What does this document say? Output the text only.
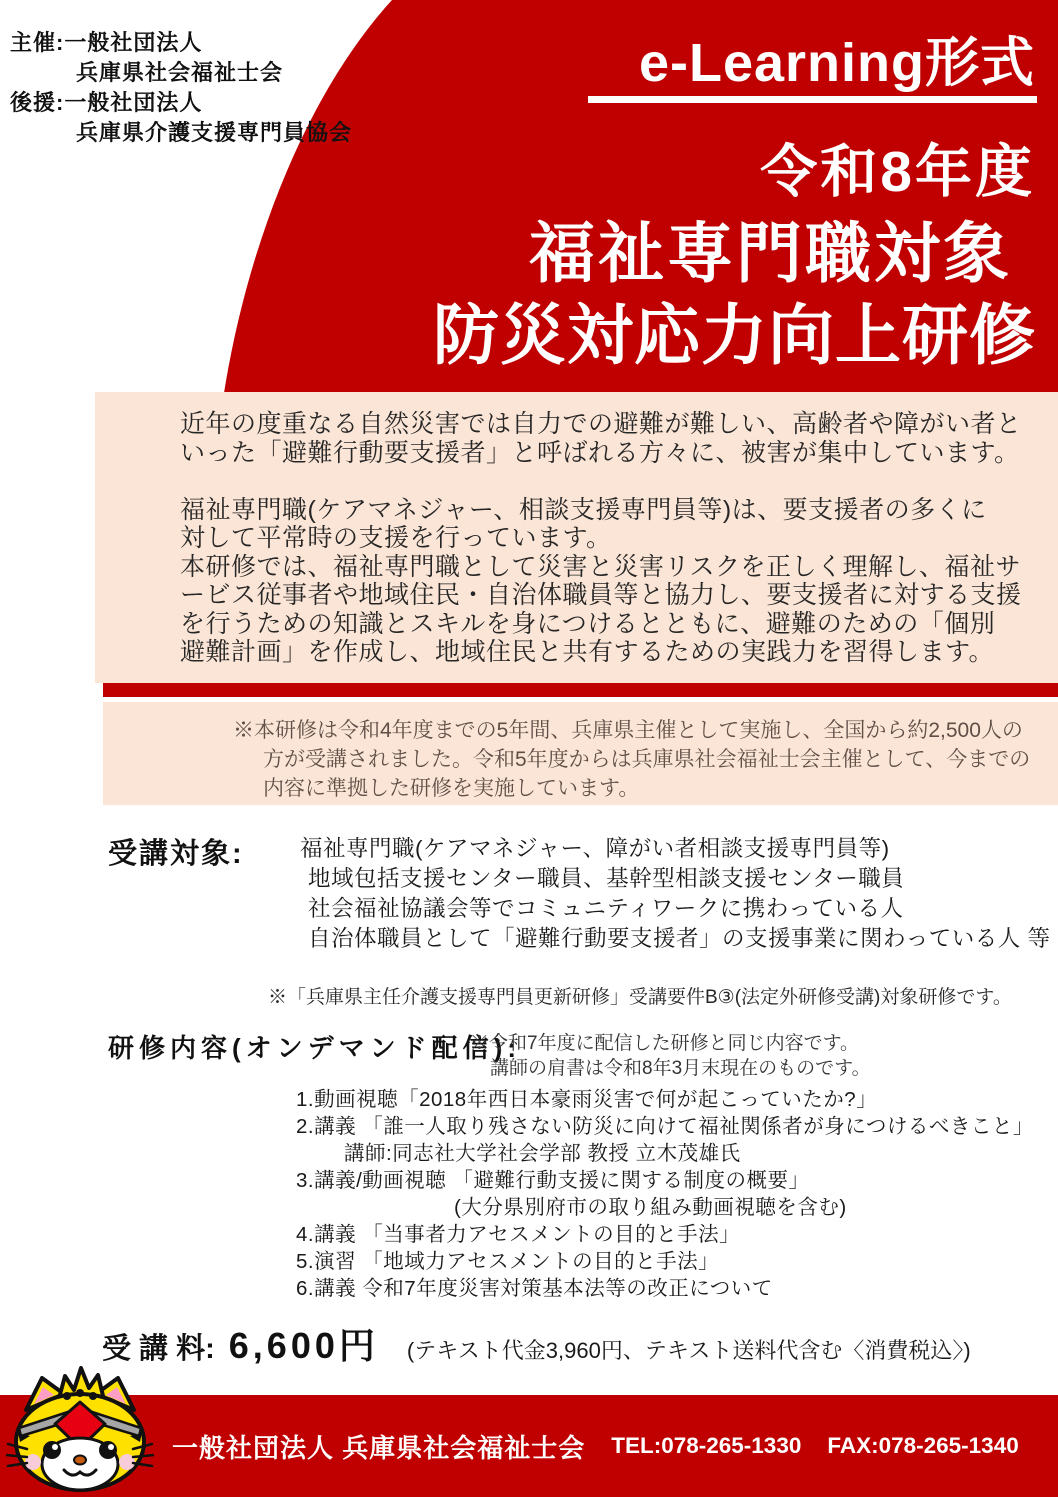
主催:一般社団法人
兵庫県社会福祉士会
後援:一般社団法人
兵庫県介護支援専門員協会
e-Learning形式
令和8年度
福祉専門職対象
防災対応力向上研修
近年の度重なる自然災害では自力での避難が難しい、高齢者や障がい者と
いった「避難行動要支援者」と呼ばれる方々に、被害が集中しています。
福祉専門職(ケアマネジャー、相談支援専門員等)は、要支援者の多くに
対して平常時の支援を行っています。
本研修では、福祉専門職として災害と災害リスクを正しく理解し、福祉サ
ービス従事者や地域住民・自治体職員等と協力し、要支援者に対する支援
を行うための知識とスキルを身につけるとともに、避難のための「個別
避難計画」を作成し、地域住民と共有するための実践力を習得します。
※本研修は令和4年度までの5年間、兵庫県主催として実施し、全国から約2,500人の
方が受講されました。令和5年度からは兵庫県社会福祉士会主催として、今までの
内容に準拠した研修を実施しています。
受講対象:	福祉専門職(ケアマネジャー、障がい者相談支援専門員等)
地域包括支援センター職員、基幹型相談支援センター職員
社会福祉協議会等でコミュニティワークに携わっている人
自治体職員として「避難行動要支援者」の支援事業に関わっている人 等
※「兵庫県主任介護支援専門員更新研修」受講要件B③(法定外研修受講)対象研修です。
研修内容(オンデマンド配信):
※令和7年度に配信した研修と同じ内容です。
講師の肩書は令和8年3月末現在のものです。
1.動画視聴「2018年西日本豪雨災害で何が起こっていたか?」
2.講義 「誰一人取り残さない防災に向けて福祉関係者が身につけるべきこと」
講師:同志社大学社会学部 教授 立木茂雄氏
3.講義/動画視聴 「避難行動支援に関する制度の概要」
(大分県別府市の取り組み動画視聴を含む)
4.講義 「当事者力アセスメントの目的と手法」
5.演習 「地域力アセスメントの目的と手法」
6.講義 令和7年度災害対策基本法等の改正について
受 講 料: 6,600円 (テキスト代金3,960円、テキスト送料代含む〈消費税込〉)
一般社団法人 兵庫県社会福祉士会 TEL:078-265-1330 FAX:078-265-1340
